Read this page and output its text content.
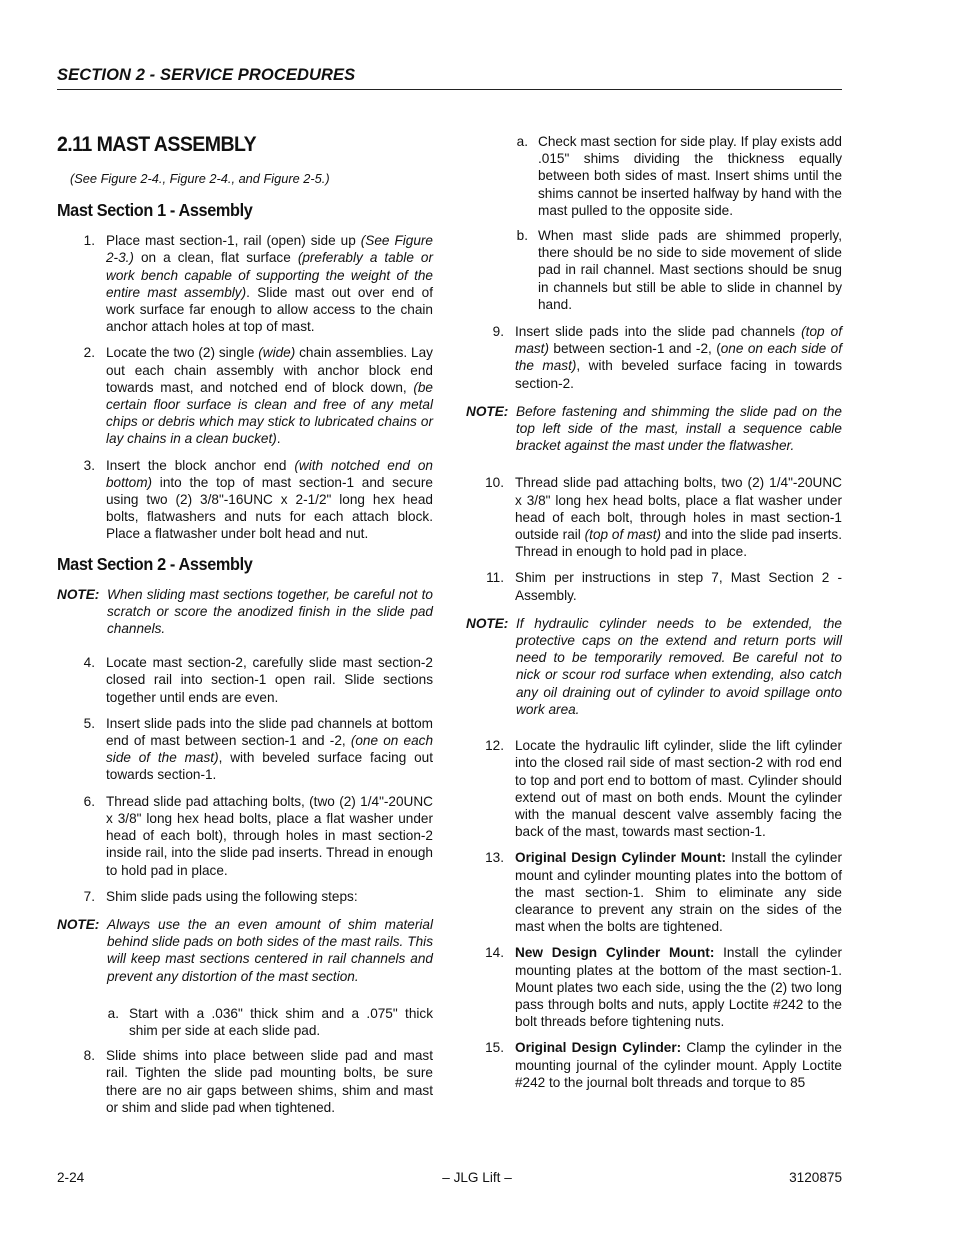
SECTION 2 - SERVICE PROCEDURES
2.11 MAST ASSEMBLY
(See Figure 2-4., Figure 2-4., and Figure 2-5.)
Mast Section 1 - Assembly
1. Place mast section-1, rail (open) side up (See Figure 2-3.) on a clean, flat surface (preferably a table or work bench capable of supporting the weight of the entire mast assembly). Slide mast out over end of work surface far enough to allow access to the chain anchor attach holes at top of mast.
2. Locate the two (2) single (wide) chain assemblies. Lay out each chain assembly with anchor block end towards mast, and notched end of block down, (be certain floor surface is clean and free of any metal chips or debris which may stick to lubricated chains or lay chains in a clean bucket).
3. Insert the block anchor end (with notched end on bottom) into the top of mast section-1 and secure using two (2) 3/8"-16UNC x 2-1/2" long hex head bolts, flatwashers and nuts for each attach block. Place a flatwasher under bolt head and nut.
Mast Section 2 - Assembly
NOTE: When sliding mast sections together, be careful not to scratch or score the anodized finish in the slide pad channels.
4. Locate mast section-2, carefully slide mast section-2 closed rail into section-1 open rail. Slide sections together until ends are even.
5. Insert slide pads into the slide pad channels at bottom end of mast between section-1 and -2, (one on each side of the mast), with beveled surface facing out towards section-1.
6. Thread slide pad attaching bolts, (two (2) 1/4"-20UNC x 3/8" long hex head bolts, place a flat washer under head of each bolt), through holes in mast section-2 inside rail, into the slide pad inserts. Thread in enough to hold pad in place.
7. Shim slide pads using the following steps:
NOTE: Always use the an even amount of shim material behind slide pads on both sides of the mast rails. This will keep mast sections centered in rail channels and prevent any distortion of the mast section.
a. Start with a .036" thick shim and a .075" thick shim per side at each slide pad.
8. Slide shims into place between slide pad and mast rail. Tighten the slide pad mounting bolts, be sure there are no air gaps between shims, shim and mast or shim and slide pad when tightened.
a. Check mast section for side play. If play exists add .015" shims dividing the thickness equally between both sides of mast. Insert shims until the shims cannot be inserted halfway by hand with the mast pulled to the opposite side.
b. When mast slide pads are shimmed properly, there should be no side to side movement of slide pad in rail channel. Mast sections should be snug in channels but still be able to slide in channel by hand.
9. Insert slide pads into the slide pad channels (top of mast) between section-1 and -2, (one on each side of the mast), with beveled surface facing in towards section-2.
NOTE: Before fastening and shimming the slide pad on the top left side of the mast, install a sequence cable bracket against the mast under the flatwasher.
10. Thread slide pad attaching bolts, two (2) 1/4"-20UNC x 3/8" long hex head bolts, place a flat washer under head of each bolt, through holes in mast section-1 outside rail (top of mast) and into the slide pad inserts. Thread in enough to hold pad in place.
11. Shim per instructions in step 7, Mast Section 2 - Assembly.
NOTE: If hydraulic cylinder needs to be extended, the protective caps on the extend and return ports will need to be temporarily removed. Be careful not to nick or scour rod surface when extending, also catch any oil draining out of cylinder to avoid spillage onto work area.
12. Locate the hydraulic lift cylinder, slide the lift cylinder into the closed rail side of mast section-2 with rod end to top and port end to bottom of mast. Cylinder should extend out of mast on both ends. Mount the cylinder with the manual descent valve assembly facing the back of the mast, towards mast section-1.
13. Original Design Cylinder Mount: Install the cylinder mount and cylinder mounting plates into the bottom of the mast section-1. Shim to eliminate any side clearance to prevent any strain on the sides of the mast when the bolts are tightened.
14. New Design Cylinder Mount: Install the cylinder mounting plates at the bottom of the mast section-1. Mount plates two each side, using the the (2) two long pass through bolts and nuts, apply Loctite #242 to the bolt threads before tightening nuts.
15. Original Design Cylinder: Clamp the cylinder in the mounting journal of the cylinder mount. Apply Loctite #242 to the journal bolt threads and torque to 85
2-24	– JLG Lift –	3120875
